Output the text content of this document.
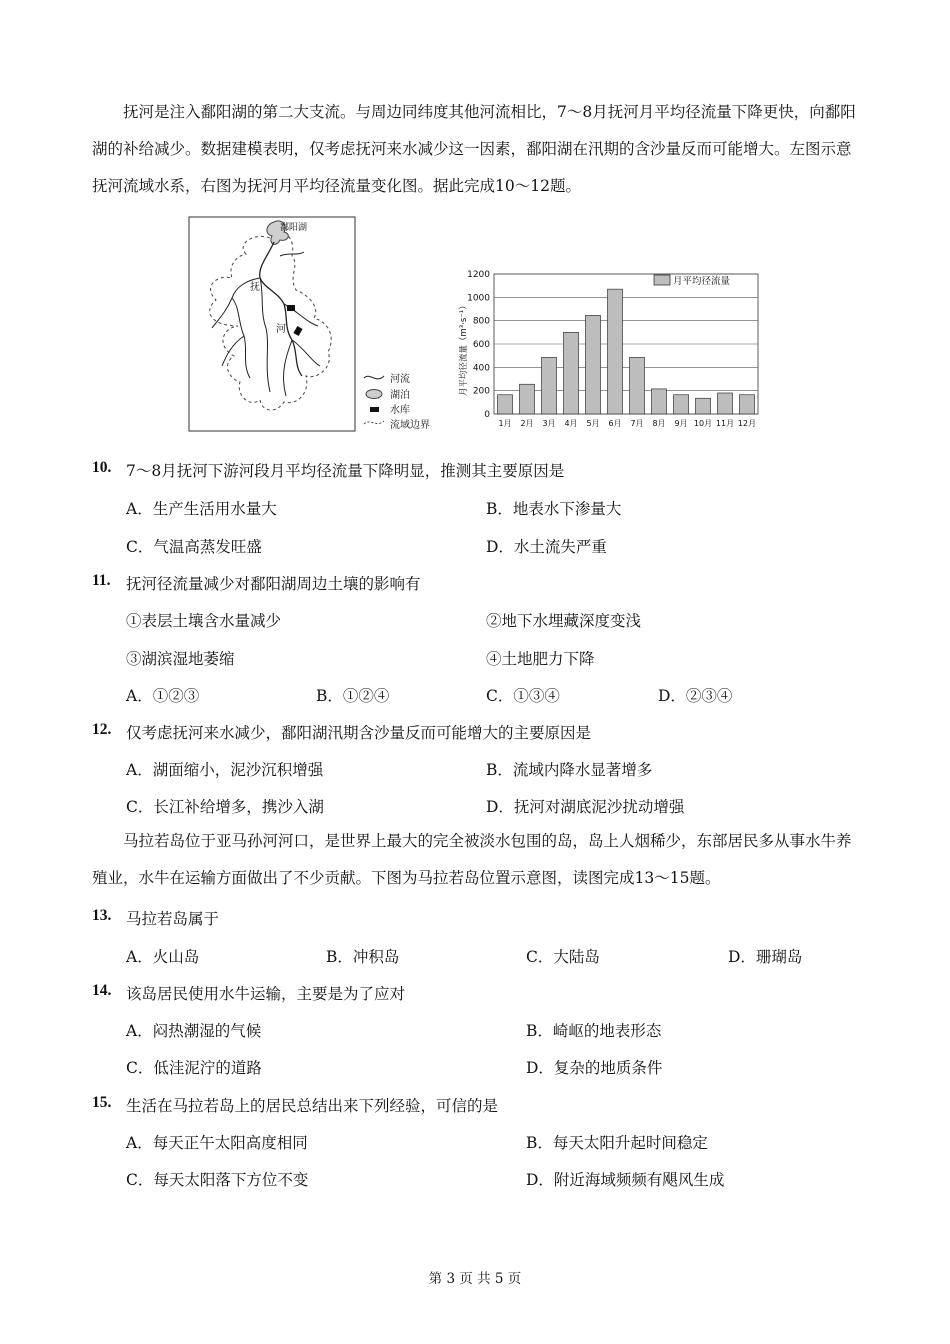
抚河是注入鄱阳湖的第二大支流。与周边同纬度其他河流相比，7～8月抚河月平均径流量下降更快，向鄱阳湖的补给减少。数据建模表明，仅考虑抚河来水减少这一因素，鄱阳湖在汛期的含沙量反而可能增大。左图示意抚河流域水系，右图为抚河月平均径流量变化图。据此完成10～12题。

鄱阳湖
抚
河
河流
湖泊
水库
流域边界
0
200
400
600
800
1000
1200
1月 2月 3月 4月 5月 6月 7月 8月 9月 10月 11月 12月
月平均径流量（m³·s⁻¹）
月平均径流量
10. 7～8月抚河下游河段月平均径流量下降明显，推测其主要原因是
A．生产生活用水量大	B．地表水下渗量大
C．气温高蒸发旺盛	D．水土流失严重
11. 抚河径流量减少对鄱阳湖周边土壤的影响有
①表层土壤含水量减少	②地下水埋藏深度变浅
③湖滨湿地萎缩	④土地肥力下降
A．①②③	B．①②④	C．①③④	D．②③④
12. 仅考虑抚河来水减少，鄱阳湖汛期含沙量反而可能增大的主要原因是
A．湖面缩小，泥沙沉积增强	B．流域内降水显著增多
C．长江补给增多，携沙入湖	D．抚河对湖底泥沙扰动增强

马拉若岛位于亚马孙河河口，是世界上最大的完全被淡水包围的岛，岛上人烟稀少，东部居民多从事水牛养殖业，水牛在运输方面做出了不少贡献。下图为马拉若岛位置示意图，读图完成13～15题。

13. 马拉若岛属于
A．火山岛	B．冲积岛	C．大陆岛	D．珊瑚岛
14. 该岛居民使用水牛运输，主要是为了应对
A．闷热潮湿的气候	B．崎岖的地表形态
C．低洼泥泞的道路	D．复杂的地质条件
15. 生活在马拉若岛上的居民总结出来下列经验，可信的是
A．每天正午太阳高度相同	B．每天太阳升起时间稳定
C．每天太阳落下方位不变	D．附近海域频频有飓风生成
第 3 页 共 5 页
